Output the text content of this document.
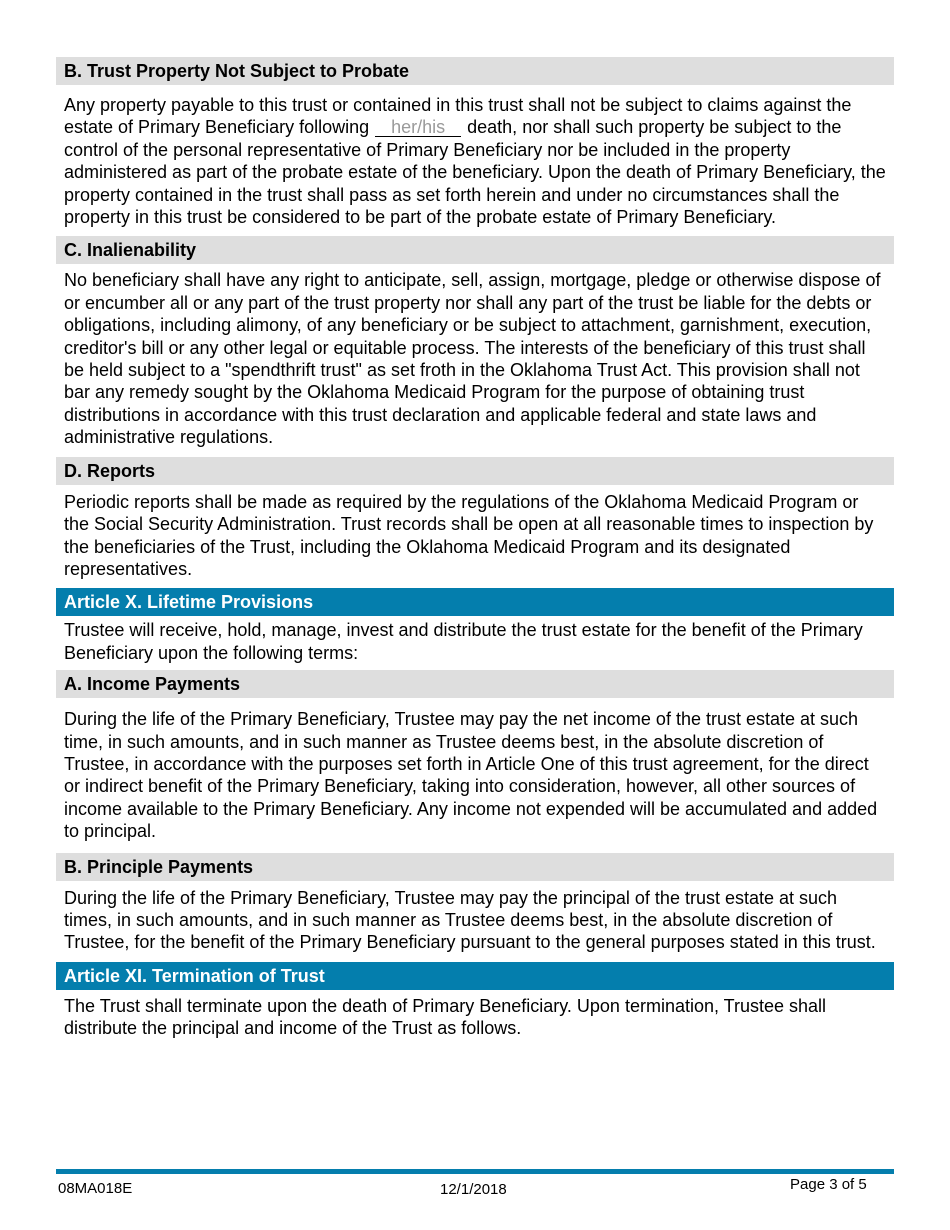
B. Trust Property Not Subject to Probate

Any property payable to this trust or contained in this trust shall not be subject to claims against the estate of Primary Beneficiary following her/his death, nor shall such property be subject to the control of the personal representative of Primary Beneficiary nor be included in the property administered as part of the probate estate of the beneficiary. Upon the death of Primary Beneficiary, the property contained in the trust shall pass as set forth herein and under no circumstances shall the property in this trust be considered to be part of the probate estate of Primary Beneficiary.

C. Inalienability

No beneficiary shall have any right to anticipate, sell, assign, mortgage, pledge or otherwise dispose of or encumber all or any part of the trust property nor shall any part of the trust be liable for the debts or obligations, including alimony, of any beneficiary or be subject to attachment, garnishment, execution, creditor's bill or any other legal or equitable process. The interests of the beneficiary of this trust shall be held subject to a "spendthrift trust" as set froth in the Oklahoma Trust Act. This provision shall not bar any remedy sought by the Oklahoma Medicaid Program for the purpose of obtaining trust distributions in accordance with this trust declaration and applicable federal and state laws and administrative regulations.

D. Reports

Periodic reports shall be made as required by the regulations of the Oklahoma Medicaid Program or the Social Security Administration. Trust records shall be open at all reasonable times to inspection by the beneficiaries of the Trust, including the Oklahoma Medicaid Program and its designated representatives.

Article X. Lifetime Provisions

Trustee will receive, hold, manage, invest and distribute the trust estate for the benefit of the Primary Beneficiary upon the following terms:

A. Income Payments

During the life of the Primary Beneficiary, Trustee may pay the net income of the trust estate at such time, in such amounts, and in such manner as Trustee deems best, in the absolute discretion of Trustee, in accordance with the purposes set forth in Article One of this trust agreement, for the direct or indirect benefit of the Primary Beneficiary, taking into consideration, however, all other sources of income available to the Primary Beneficiary. Any income not expended will be accumulated and added to principal.

B. Principle Payments

During the life of the Primary Beneficiary, Trustee may pay the principal of the trust estate at such times, in such amounts, and in such manner as Trustee deems best, in the absolute discretion of Trustee, for the benefit of the Primary Beneficiary pursuant to the general purposes stated in this trust.

Article XI. Termination of Trust

The Trust shall terminate upon the death of Primary Beneficiary. Upon termination, Trustee shall distribute the principal and income of the Trust as follows.

08MA018E	12/1/2018	Page 3 of 5
